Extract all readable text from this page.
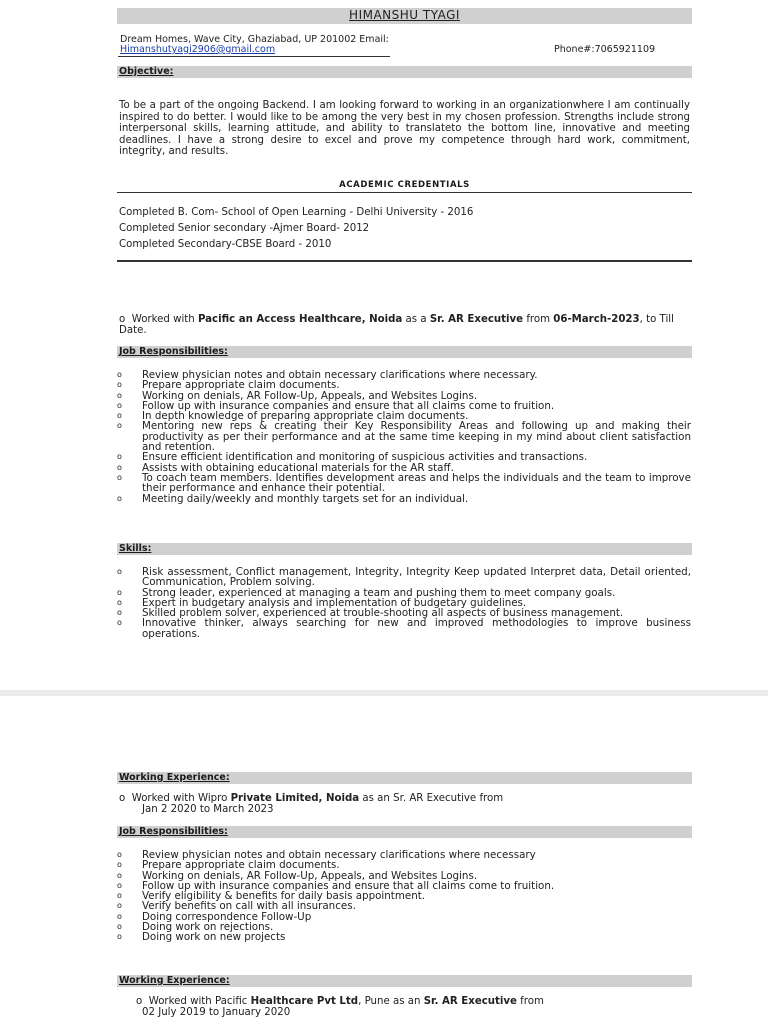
HIMANSHU TYAGI
Dream Homes, Wave City, Ghaziabad, UP 201002 Email:
Himanshutyagi2906@gmail.com	Phone#:7065921109
Objective:
To be a part of the ongoing Backend. I am looking forward to working in an organizationwhere I am continually inspired to do better. I would like to be among the very best in my chosen profession. Strengths include strong interpersonal skills, learning attitude, and ability to translateto the bottom line, innovative and meeting deadlines. I have a strong desire to excel and prove my competence through hard work, commitment, integrity, and results.
ACADEMIC CREDENTIALS
Completed B. Com- School of Open Learning - Delhi University - 2016
Completed Senior secondary -Ajmer Board- 2012
Completed Secondary-CBSE Board - 2010
o Worked with Pacific an Access Healthcare, Noida as a Sr. AR Executive from 06-March-2023, to Till Date.
Job Responsibilities:
o Review physician notes and obtain necessary clarifications where necessary.
o Prepare appropriate claim documents.
o Working on denials, AR Follow-Up, Appeals, and Websites Logins.
o Follow up with insurance companies and ensure that all claims come to fruition.
o In depth knowledge of preparing appropriate claim documents.
o Mentoring new reps & creating their Key Responsibility Areas and following up and making their productivity as per their performance and at the same time keeping in my mind about client satisfaction and retention.
o Ensure efficient identification and monitoring of suspicious activities and transactions.
o Assists with obtaining educational materials for the AR staff.
o To coach team members. Identifies development areas and helps the individuals and the team to improve their performance and enhance their potential.
o Meeting daily/weekly and monthly targets set for an individual.
Skills:
o Risk assessment, Conflict management, Integrity, Integrity Keep updated Interpret data, Detail oriented, Communication, Problem solving.
o Strong leader, experienced at managing a team and pushing them to meet company goals.
o Expert in budgetary analysis and implementation of budgetary guidelines.
o Skilled problem solver, experienced at trouble-shooting all aspects of business management.
o Innovative thinker, always searching for new and improved methodologies to improve business operations.
Working Experience:
o Worked with Wipro Private Limited, Noida as an Sr. AR Executive from
Jan 2 2020 to March 2023
Job Responsibilities:
o Review physician notes and obtain necessary clarifications where necessary
o Prepare appropriate claim documents.
o Working on denials, AR Follow-Up, Appeals, and Websites Logins.
o Follow up with insurance companies and ensure that all claims come to fruition.
o Verify eligibility & benefits for daily basis appointment.
o Verify benefits on call with all insurances.
o Doing correspondence Follow-Up
o Doing work on rejections.
o Doing work on new projects
Working Experience:
o Worked with Pacific Healthcare Pvt Ltd, Pune as an Sr. AR Executive from
02 July 2019 to January 2020
